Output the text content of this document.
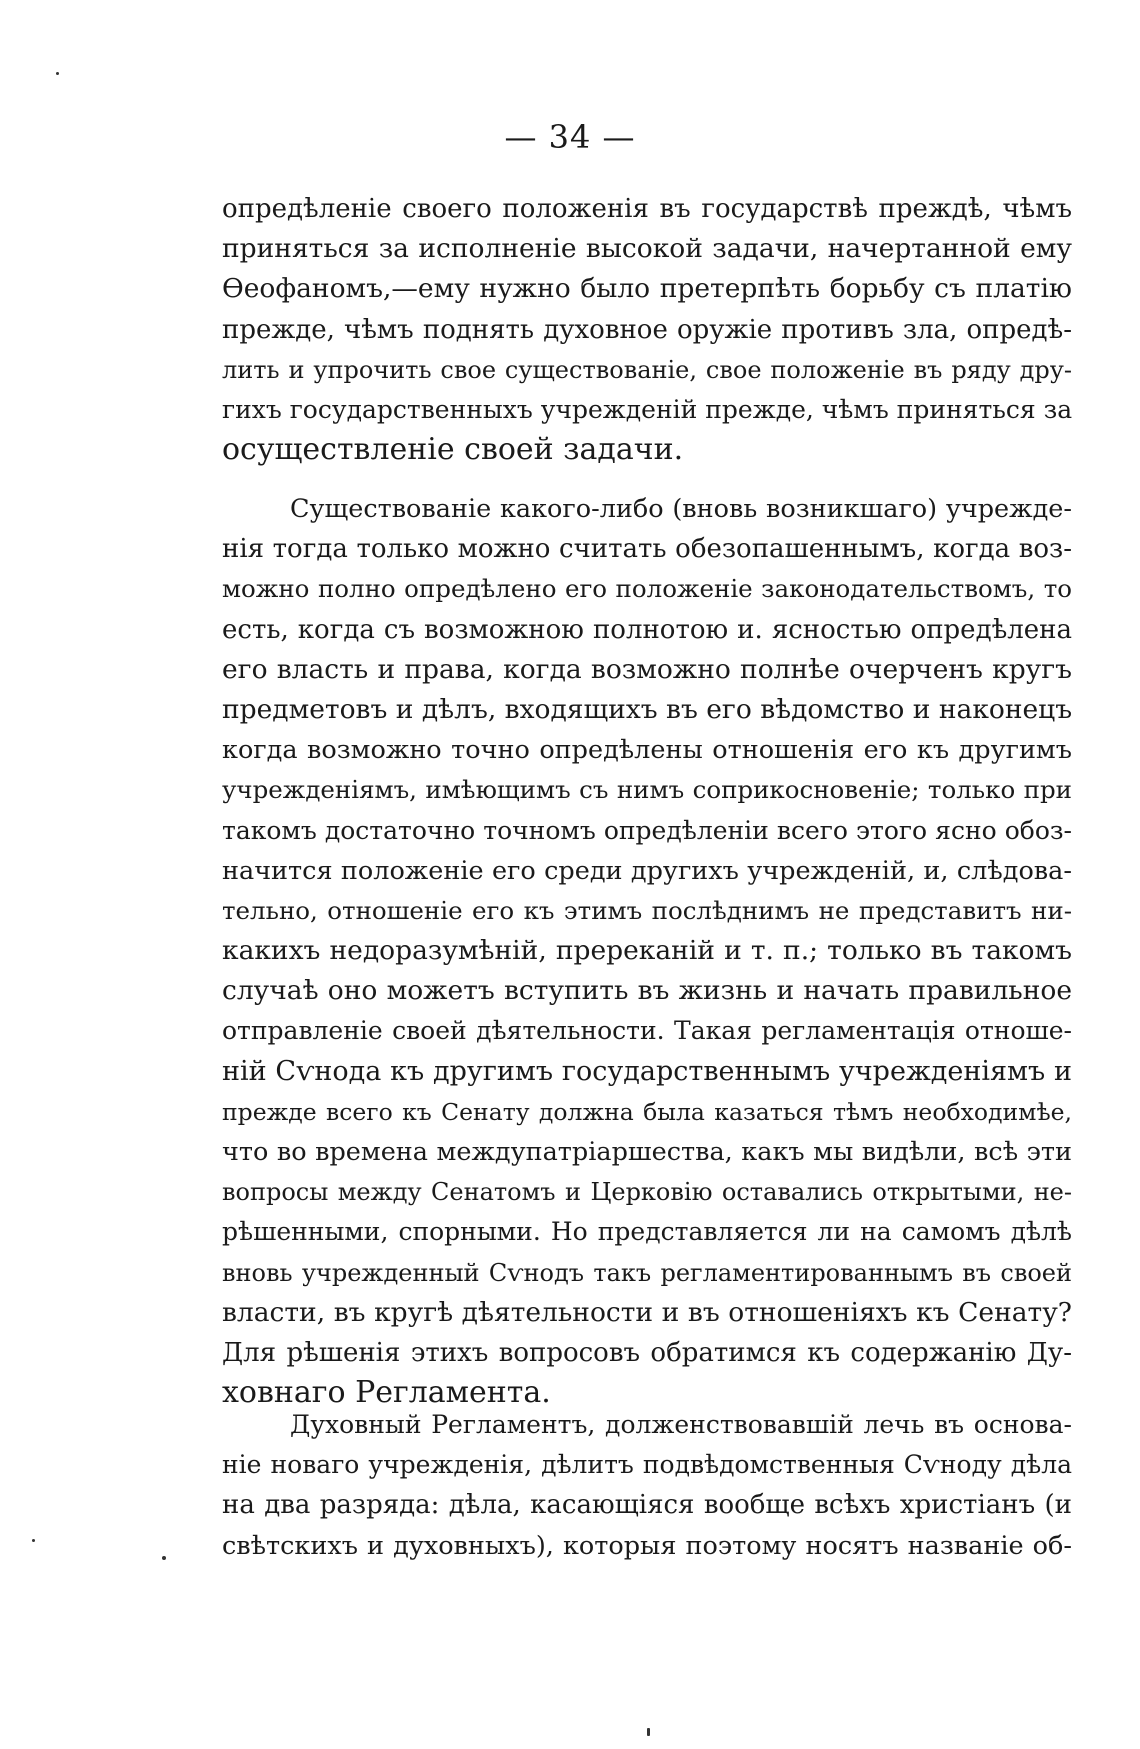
— 34 —
опредѣленіе своего положенія въ государствѣ преждѣ, чѣмъ
приняться за исполненіе высокой задачи, начертанной ему
Ѳеофаномъ,—ему нужно было претерпѣть борьбу съ платію
прежде, чѣмъ поднять духовное оружіе противъ зла, опредѣ-
лить и упрочить свое существованіе, свое положеніе въ ряду дру-
гихъ государственныхъ учрежденій прежде, чѣмъ приняться за
осуществленіе своей задачи.
Существованіе какого-либо (вновь возникшаго) учрежде-
нія тогда только можно считать обезопашеннымъ, когда воз-
можно полно опредѣлено его положеніе законодательствомъ, то
есть, когда съ возможною полнотою и. ясностью опредѣлена
его власть и права, когда возможно полнѣе очерченъ кругъ
предметовъ и дѣлъ, входящихъ въ его вѣдомство и наконецъ
когда возможно точно опредѣлены отношенія его къ другимъ
учрежденіямъ, имѣющимъ съ нимъ соприкосновеніе; только при
такомъ достаточно точномъ опредѣленіи всего этого ясно обоз-
начится положеніе его среди другихъ учрежденій, и, слѣдова-
тельно, отношеніе его къ этимъ послѣднимъ не представитъ ни-
какихъ недоразумѣній, пререканій и т. п.; только въ такомъ
случаѣ оно можетъ вступить въ жизнь и начать правильное
отправленіе своей дѣятельности. Такая регламентація отноше-
ній Сѵнода къ другимъ государственнымъ учрежденіямъ и
прежде всего къ Сенату должна была казаться тѣмъ необходимѣе,
что во времена междупатріаршества, какъ мы видѣли, всѣ эти
вопросы между Сенатомъ и Церковію оставались открытыми, не-
рѣшенными, спорными. Но представляется ли на самомъ дѣлѣ
вновь учрежденный Сѵнодъ такъ регламентированнымъ въ своей
власти, въ кругѣ дѣятельности и въ отношеніяхъ къ Сенату?
Для рѣшенія этихъ вопросовъ обратимся къ содержанію Ду-
ховнаго Регламента.
Духовный Регламентъ, долженствовавшій лечь въ основа-
ніе новаго учрежденія, дѣлитъ подвѣдомственныя Сѵноду дѣла
на два разряда: дѣла, касающіяся вообще всѣхъ христіанъ (и
свѣтскихъ и духовныхъ), которыя поэтому носятъ названіе об-
